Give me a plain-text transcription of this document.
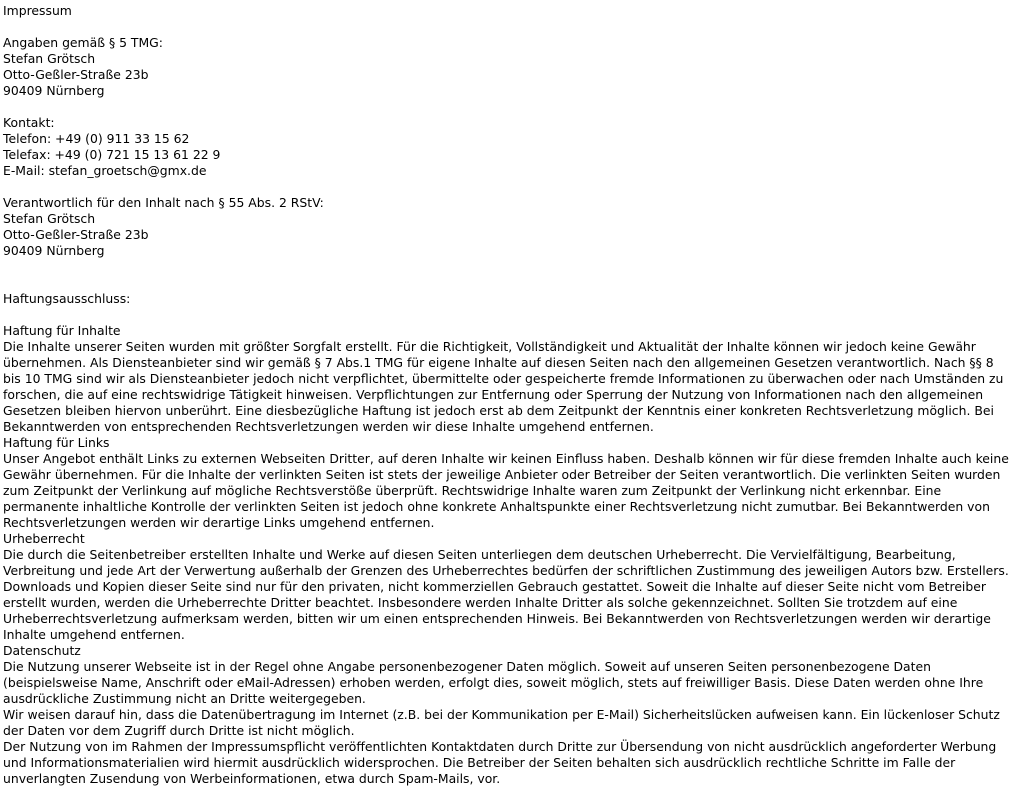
Impressum
Angaben gemäß § 5 TMG:
Stefan Grötsch
Otto-Geßler-Straße 23b
90409 Nürnberg
Kontakt:
Telefon: +49 (0) 911 33 15 62
Telefax: +49 (0) 721 15 13 61 22 9
E-Mail: stefan_groetsch@gmx.de
Verantwortlich für den Inhalt nach § 55 Abs. 2 RStV:
Stefan Grötsch
Otto-Geßler-Straße 23b
90409 Nürnberg
Haftungsausschluss:
Haftung für Inhalte
Die Inhalte unserer Seiten wurden mit größter Sorgfalt erstellt. Für die Richtigkeit, Vollständigkeit und Aktualität der Inhalte können wir jedoch keine Gewähr übernehmen. Als Diensteanbieter sind wir gemäß § 7 Abs.1 TMG für eigene Inhalte auf diesen Seiten nach den allgemeinen Gesetzen verantwortlich. Nach §§ 8 bis 10 TMG sind wir als Diensteanbieter jedoch nicht verpflichtet, übermittelte oder gespeicherte fremde Informationen zu überwachen oder nach Umständen zu forschen, die auf eine rechtswidrige Tätigkeit hinweisen. Verpflichtungen zur Entfernung oder Sperrung der Nutzung von Informationen nach den allgemeinen Gesetzen bleiben hiervon unberührt. Eine diesbezügliche Haftung ist jedoch erst ab dem Zeitpunkt der Kenntnis einer konkreten Rechtsverletzung möglich. Bei Bekanntwerden von entsprechenden Rechtsverletzungen werden wir diese Inhalte umgehend entfernen.
Haftung für Links
Unser Angebot enthält Links zu externen Webseiten Dritter, auf deren Inhalte wir keinen Einfluss haben. Deshalb können wir für diese fremden Inhalte auch keine Gewähr übernehmen. Für die Inhalte der verlinkten Seiten ist stets der jeweilige Anbieter oder Betreiber der Seiten verantwortlich. Die verlinkten Seiten wurden zum Zeitpunkt der Verlinkung auf mögliche Rechtsverstöße überprüft. Rechtswidrige Inhalte waren zum Zeitpunkt der Verlinkung nicht erkennbar. Eine permanente inhaltliche Kontrolle der verlinkten Seiten ist jedoch ohne konkrete Anhaltspunkte einer Rechtsverletzung nicht zumutbar. Bei Bekanntwerden von Rechtsverletzungen werden wir derartige Links umgehend entfernen.
Urheberrecht
Die durch die Seitenbetreiber erstellten Inhalte und Werke auf diesen Seiten unterliegen dem deutschen Urheberrecht. Die Vervielfältigung, Bearbeitung, Verbreitung und jede Art der Verwertung außerhalb der Grenzen des Urheberrechtes bedürfen der schriftlichen Zustimmung des jeweiligen Autors bzw. Erstellers. Downloads und Kopien dieser Seite sind nur für den privaten, nicht kommerziellen Gebrauch gestattet. Soweit die Inhalte auf dieser Seite nicht vom Betreiber erstellt wurden, werden die Urheberrechte Dritter beachtet. Insbesondere werden Inhalte Dritter als solche gekennzeichnet. Sollten Sie trotzdem auf eine Urheberrechtsverletzung aufmerksam werden, bitten wir um einen entsprechenden Hinweis. Bei Bekanntwerden von Rechtsverletzungen werden wir derartige Inhalte umgehend entfernen.
Datenschutz

Die Nutzung unserer Webseite ist in der Regel ohne Angabe personenbezogener Daten möglich. Soweit auf unseren Seiten personenbezogene Daten (beispielsweise Name, Anschrift oder eMail-Adressen) erhoben werden, erfolgt dies, soweit möglich, stets auf freiwilliger Basis. Diese Daten werden ohne Ihre ausdrückliche Zustimmung nicht an Dritte weitergegeben.

Wir weisen darauf hin, dass die Datenübertragung im Internet (z.B. bei der Kommunikation per E-Mail) Sicherheitslücken aufweisen kann. Ein lückenloser Schutz der Daten vor dem Zugriff durch Dritte ist nicht möglich.

Der Nutzung von im Rahmen der Impressumspflicht veröffentlichten Kontaktdaten durch Dritte zur Übersendung von nicht ausdrücklich angeforderter Werbung und Informationsmaterialien wird hiermit ausdrücklich widersprochen. Die Betreiber der Seiten behalten sich ausdrücklich rechtliche Schritte im Falle der unverlangten Zusendung von Werbeinformationen, etwa durch Spam-Mails, vor.
